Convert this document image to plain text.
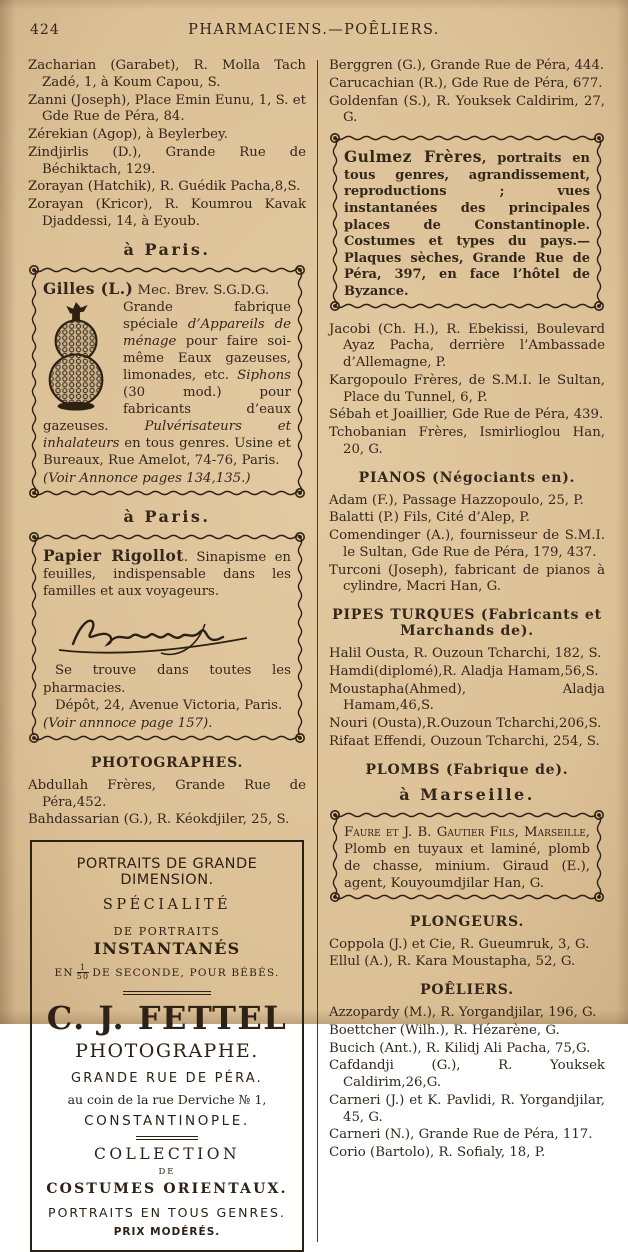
424	PHARMACIENS.—POÊLIERS.

Zacharian (Garabet), R. Molla Tach Zadé, 1, à Koum Capou, S.

Zanni (Joseph), Place Emin Eunu, 1, S. et Gde Rue de Péra, 84.

Zérekian (Agop), à Beylerbey.

Zindjirlis (D.), Grande Rue de Béchiktach, 129.

Zorayan (Hatchik), R. Guédik Pacha,8,S.

Zorayan (Kricor), R. Koumrou Kavak Djaddessi, 14, à Eyoub.

à Paris.

Gilles (L.) Mec. Brev. S.G.D.G.

Grande fabrique spéciale d’Appareils de ménage pour faire soi-même Eaux gazeuses, limonades, etc. Siphons (30 mod.) pour fabricants d’eaux gazeuses. Pulvérisateurs et inhalateurs en tous genres. Usine et Bureaux, Rue Amelot, 74-76, Paris.

(Voir Annonce pages 134,135.)

à Paris.

Papier Rigollot. Sinapisme en feuilles, indispensable dans les familles et aux voyageurs.

Se trouve dans toutes les pharmacies.

Dépôt, 24, Avenue Victoria, Paris.

(Voir annnoce page 157).

PHOTOGRAPHES.

Abdullah Frères, Grande Rue de Péra,452.

Bahdassarian (G.), R. Kéokdjiler, 25, S.

PORTRAITS DE GRANDE DIMENSION.
SPÉCIALITÉ
DE PORTRAITS INSTANTANÉS
EN $\frac{1}{50}$ DE SECONDE, POUR BÉBÉS.
C. J. FETTEL
PHOTOGRAPHE.
GRANDE RUE DE PÉRA.
au coin de la rue Derviche № 1,
CONSTANTINOPLE.
COLLECTION
DE
COSTUMES ORIENTAUX.
PORTRAITS EN TOUS GENRES.
PRIX MODÉRÉS.

Berggren (G.), Grande Rue de Péra, 444.

Carucachian (R.), Gde Rue de Péra, 677.

Goldenfan (S.), R. Youksek Caldirim, 27, G.

Gulmez Frères, portraits en tous genres, agrandissement, reproductions ; vues instantanées des principales places de Constantinople. Costumes et types du pays.— Plaques sèches, Grande Rue de Péra, 397, en face l’hôtel de Byzance.

Jacobi (Ch. H.), R. Ebekissi, Boulevard Ayaz Pacha, derrière l’Ambassade d’Allemagne, P.

Kargopoulo Frères, de S.M.I. le Sultan, Place du Tunnel, 6, P.

Sébah et Joaillier, Gde Rue de Péra, 439.

Tchobanian Frères, Ismirlioglou Han, 20, G.

PIANOS (Négociants en).

Adam (F.), Passage Hazzopoulo, 25, P.

Balatti (P.) Fils, Cité d’Alep, P.

Comendinger (A.), fournisseur de S.M.I. le Sultan, Gde Rue de Péra, 179, 437.

Turconi (Joseph), fabricant de pianos à cylindre, Macri Han, G.

PIPES TURQUES (Fabricants et Marchands de).

Halil Ousta, R. Ouzoun Tcharchi, 182, S.

Hamdi(diplomé),R. Aladja Hamam,56,S.

Moustapha(Ahmed), Aladja Hamam,46,S.

Nouri (Ousta),R.Ouzoun Tcharchi,206,S.

Rifaat Effendi, Ouzoun Tcharchi, 254, S.

PLOMBS (Fabrique de).
à Marseille.

Faure et J. B. Gautier Fils, Marseille, Plomb en tuyaux et laminé, plomb de chasse, minium. Giraud (E.), agent, Kouyoumdjilar Han, G.

PLONGEURS.

Coppola (J.) et Cie, R. Gueumruk, 3, G.

Ellul (A.), R. Kara Moustapha, 52, G.

POÊLIERS.

Azzopardy (M.), R. Yorgandjilar, 196, G.

Boettcher (Wilh.), R. Hézarène, G.

Bucich (Ant.), R. Kilidj Ali Pacha, 75,G.

Cafdandji (G.), R. Youksek Caldirim,26,G.

Carneri (J.) et K. Pavlidi, R. Yorgandjilar, 45, G.

Carneri (N.), Grande Rue de Péra, 117.

Corio (Bartolo), R. Sofialy, 18, P.
